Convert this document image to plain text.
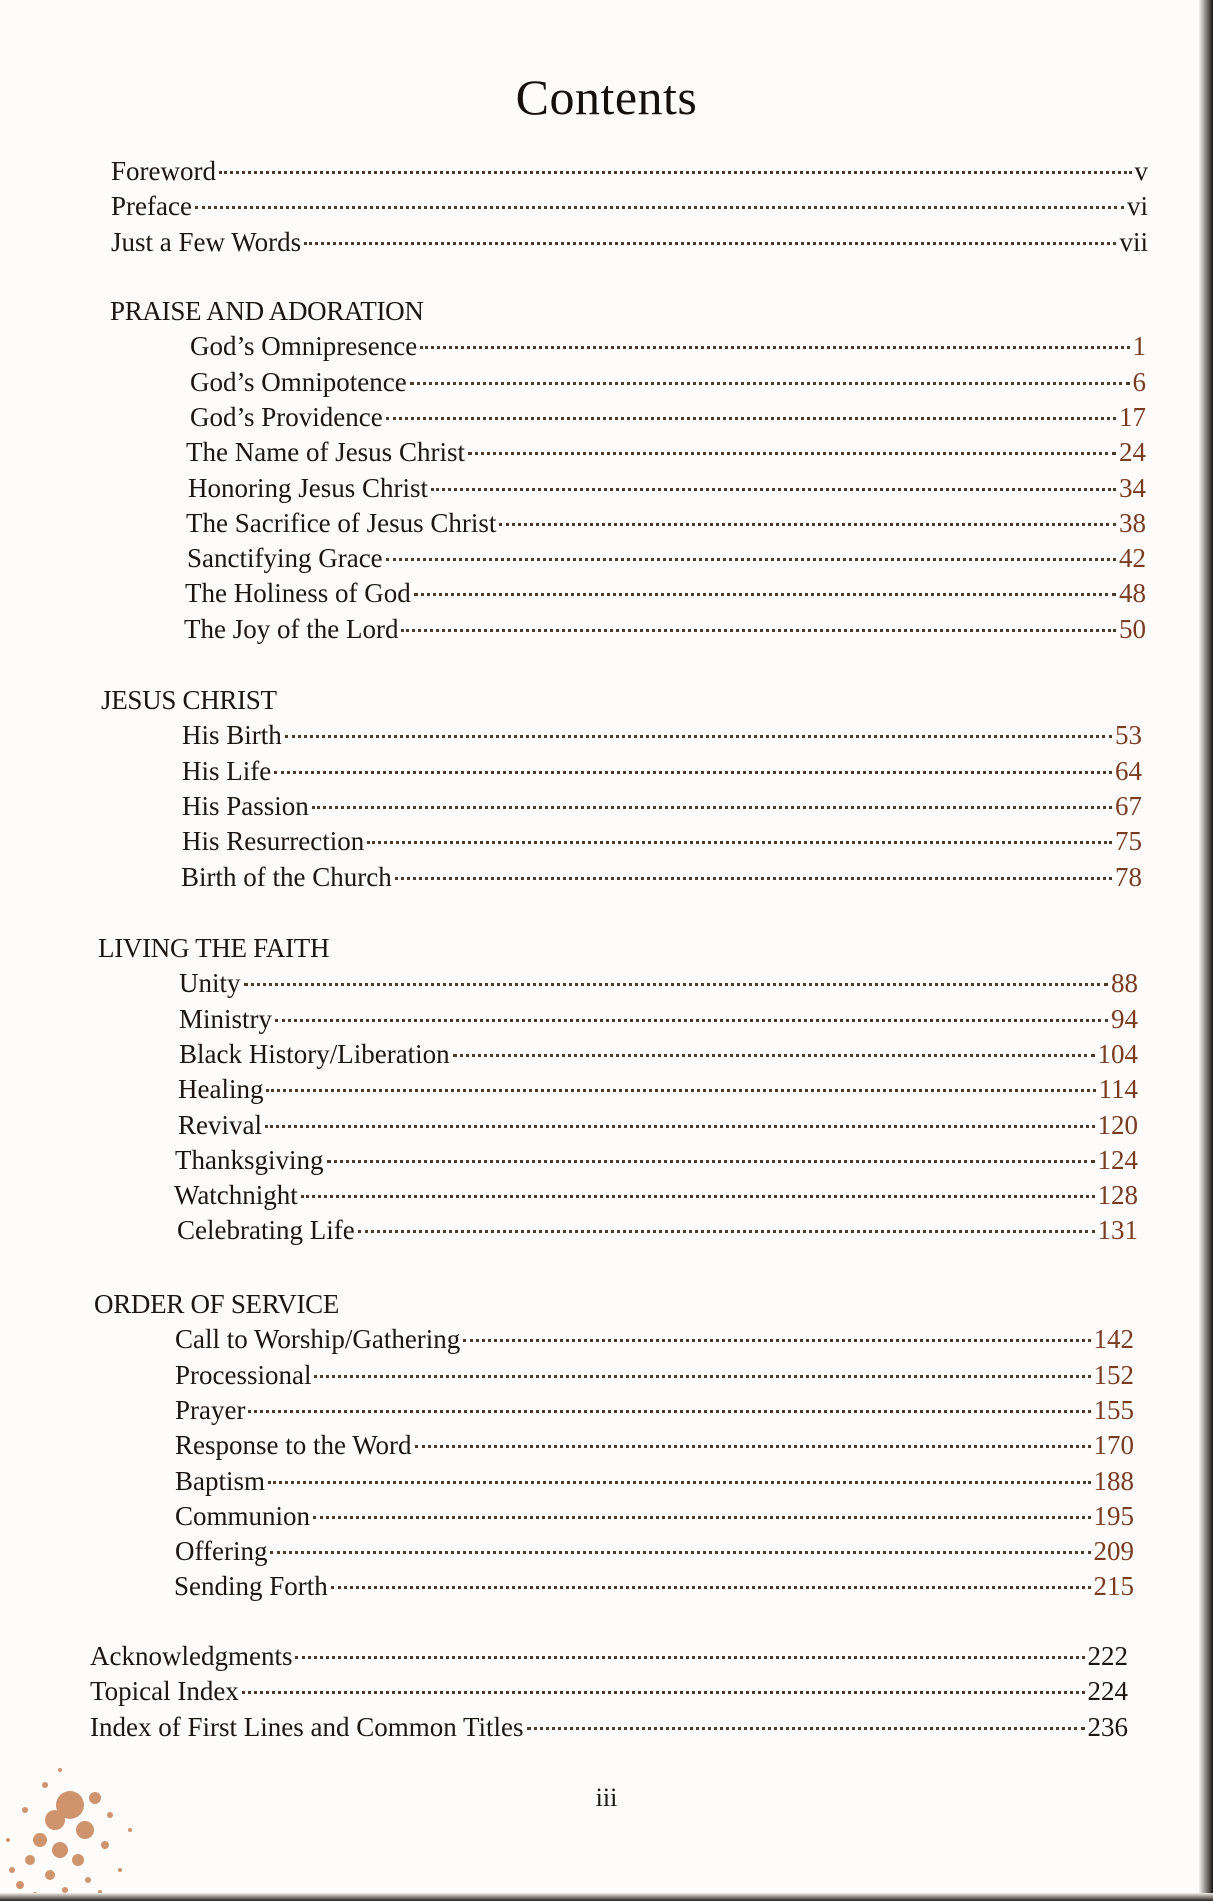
Contents
Foreword	v
Preface	vi
Just a Few Words	vii
PRAISE AND ADORATION
God’s Omnipresence	1
God’s Omnipotence	6
God’s Providence	17
The Name of Jesus Christ	24
Honoring Jesus Christ	34
The Sacrifice of Jesus Christ	38
Sanctifying Grace	42
The Holiness of God	48
The Joy of the Lord	50
JESUS CHRIST
His Birth	53
His Life	64
His Passion	67
His Resurrection	75
Birth of the Church	78
LIVING THE FAITH
Unity	88
Ministry	94
Black History/Liberation	104
Healing	114
Revival	120
Thanksgiving	124
Watchnight	128
Celebrating Life	131
ORDER OF SERVICE
Call to Worship/Gathering	142
Processional	152
Prayer	155
Response to the Word	170
Baptism	188
Communion	195
Offering	209
Sending Forth	215
Acknowledgments	222
Topical Index	224
Index of First Lines and Common Titles	236
iii
